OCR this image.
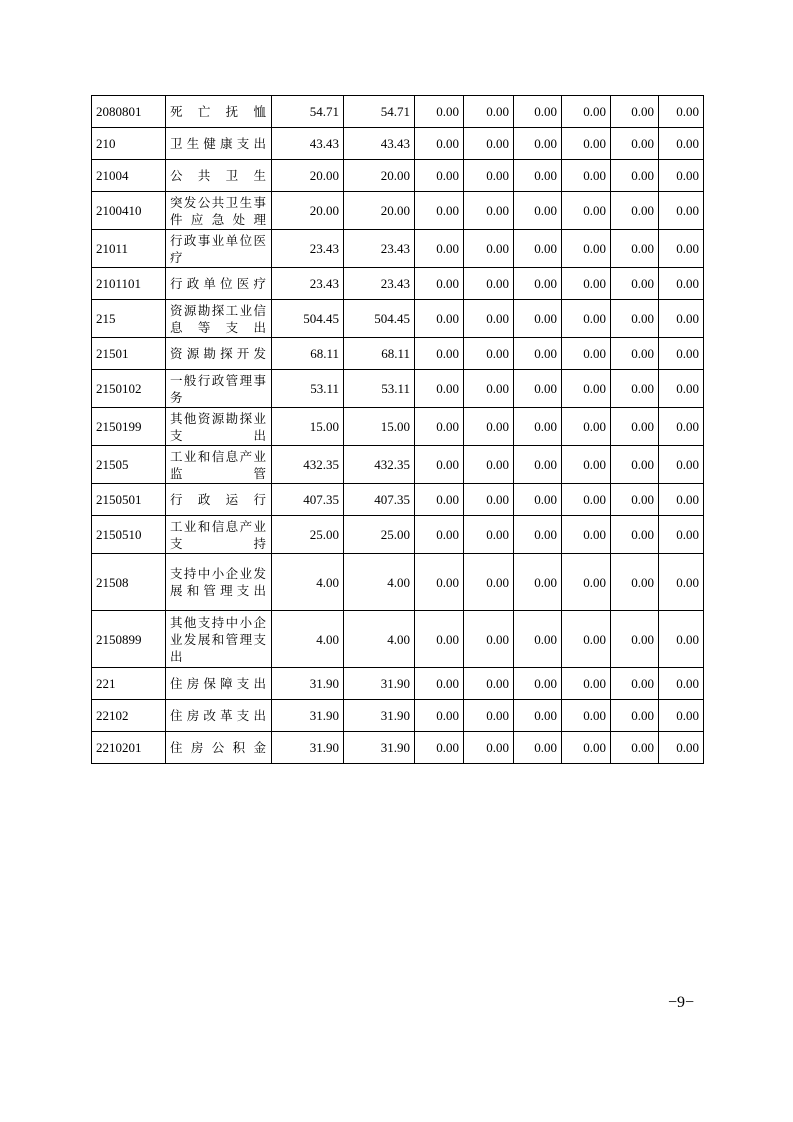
2080801	死亡抚恤	54.71	54.71	0.00	0.00	0.00	0.00	0.00	0.00
210	卫生健康支出	43.43	43.43	0.00	0.00	0.00	0.00	0.00	0.00
21004	公共卫生	20.00	20.00	0.00	0.00	0.00	0.00	0.00	0.00
2100410	突发公共卫生事件应急处理	20.00	20.00	0.00	0.00	0.00	0.00	0.00	0.00
21011	行政事业单位医疗	23.43	23.43	0.00	0.00	0.00	0.00	0.00	0.00
2101101	行政单位医疗	23.43	23.43	0.00	0.00	0.00	0.00	0.00	0.00
215	资源勘探工业信息等支出	504.45	504.45	0.00	0.00	0.00	0.00	0.00	0.00
21501	资源勘探开发	68.11	68.11	0.00	0.00	0.00	0.00	0.00	0.00
2150102	一般行政管理事务	53.11	53.11	0.00	0.00	0.00	0.00	0.00	0.00
2150199	其他资源勘探业支出	15.00	15.00	0.00	0.00	0.00	0.00	0.00	0.00
21505	工业和信息产业监管	432.35	432.35	0.00	0.00	0.00	0.00	0.00	0.00
2150501	行政运行	407.35	407.35	0.00	0.00	0.00	0.00	0.00	0.00
2150510	工业和信息产业支持	25.00	25.00	0.00	0.00	0.00	0.00	0.00	0.00
21508	支持中小企业发展和管理支出	4.00	4.00	0.00	0.00	0.00	0.00	0.00	0.00
2150899	其他支持中小企业发展和管理支出	4.00	4.00	0.00	0.00	0.00	0.00	0.00	0.00
221	住房保障支出	31.90	31.90	0.00	0.00	0.00	0.00	0.00	0.00
22102	住房改革支出	31.90	31.90	0.00	0.00	0.00	0.00	0.00	0.00
2210201	住房公积金	31.90	31.90	0.00	0.00	0.00	0.00	0.00	0.00
−9−
